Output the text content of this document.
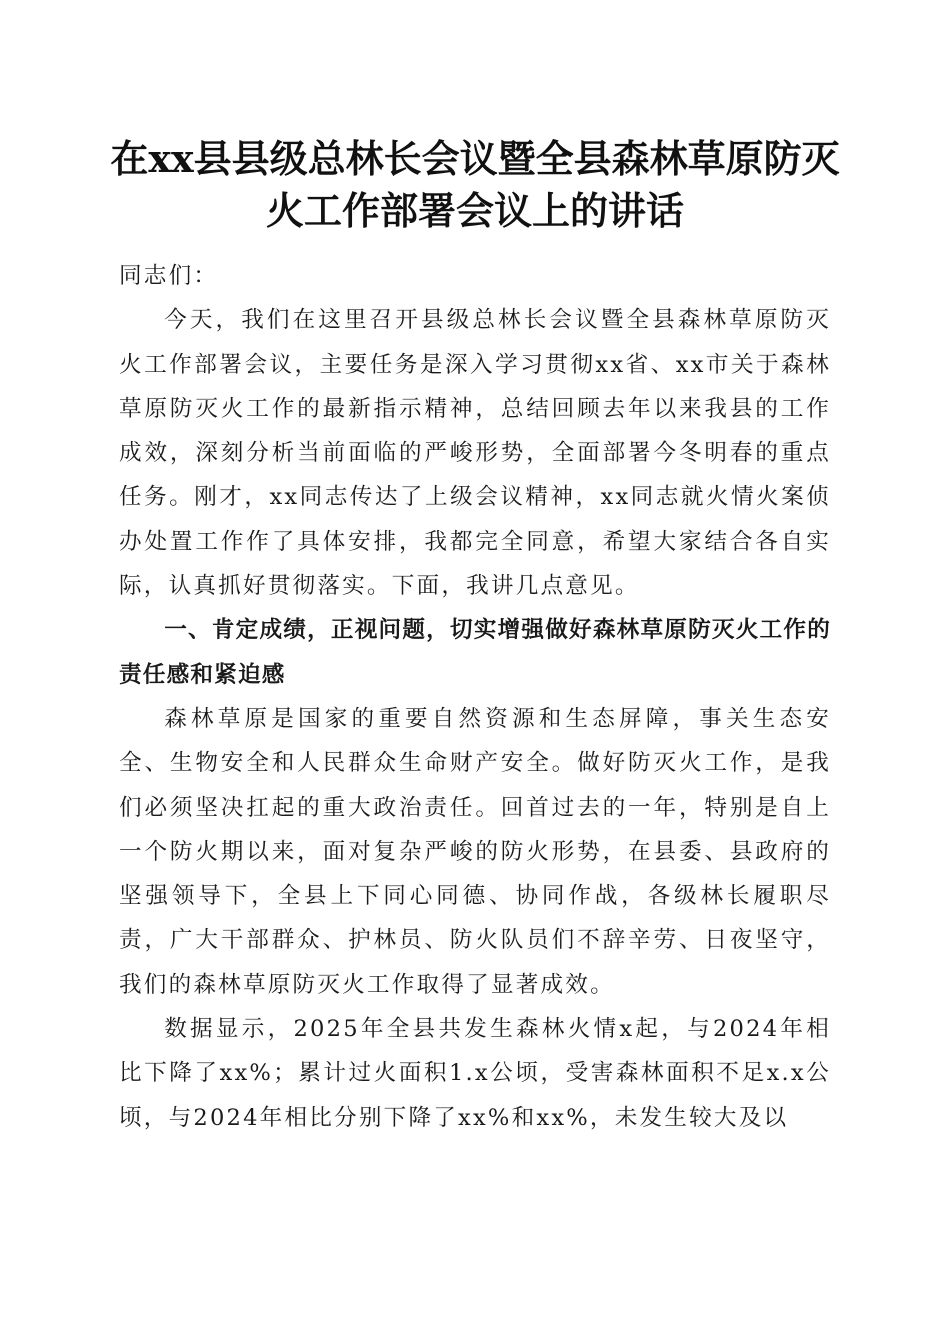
在xx县县级总林长会议暨全县森林草原防灭火工作部署会议上的讲话

同志们：

今天，我们在这里召开县级总林长会议暨全县森林草原防灭火工作部署会议，主要任务是深入学习贯彻xx省、xx市关于森林草原防灭火工作的最新指示精神，总结回顾去年以来我县的工作成效，深刻分析当前面临的严峻形势，全面部署今冬明春的重点任务。刚才，xx同志传达了上级会议精神，xx同志就火情火案侦办处置工作作了具体安排，我都完全同意，希望大家结合各自实际，认真抓好贯彻落实。下面，我讲几点意见。

一、肯定成绩，正视问题，切实增强做好森林草原防灭火工作的责任感和紧迫感

森林草原是国家的重要自然资源和生态屏障，事关生态安全、生物安全和人民群众生命财产安全。做好防灭火工作，是我们必须坚决扛起的重大政治责任。回首过去的一年，特别是自上一个防火期以来，面对复杂严峻的防火形势，在县委、县政府的坚强领导下，全县上下同心同德、协同作战，各级林长履职尽责，广大干部群众、护林员、防火队员们不辞辛劳、日夜坚守，我们的森林草原防灭火工作取得了显著成效。

数据显示，2025年全县共发生森林火情x起，与2024年相比下降了xx%；累计过火面积1.x公顷，受害森林面积不足x.x公顷，与2024年相比分别下降了xx%和xx%，未发生较大及以
